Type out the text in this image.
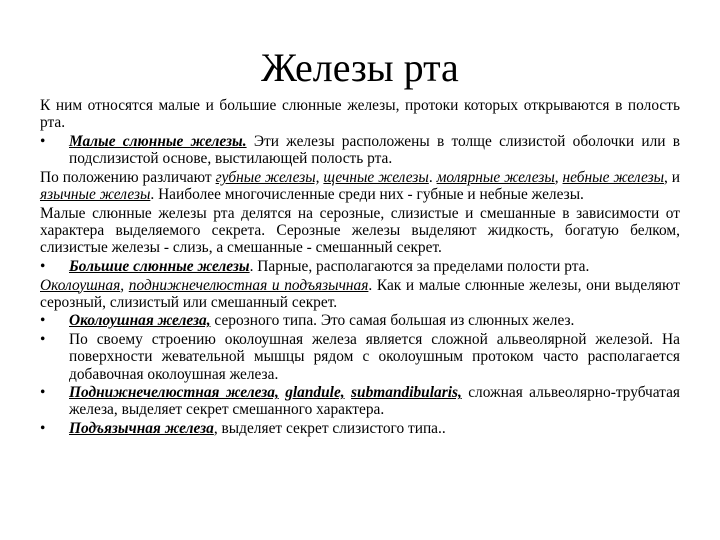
Железы рта

К ним относятся малые и большие слюнные железы, протоки которых открываются в полость рта.

• Малые слюнные железы. Эти железы расположены в толще слизистой оболочки или в подслизистой основе, выстилающей полость рта.

По положению различают губные железы, щечные железы. молярные железы, небные железы, и язычные железы. Наиболее многочисленные среди них - губные и небные железы.

Малые слюнные железы рта делятся на серозные, слизистые и смешанные в зависимости от характера выделяемого секрета. Серозные железы выделяют жидкость, богатую белком, слизистые железы - слизь, а смешанные - смешанный секрет.

• Большие слюнные железы. Парные, располагаются за пределами полости рта.

Околоушная, поднижнечелюстная и подъязычная. Как и малые слюнные железы, они выделяют серозный, слизистый или смешанный секрет.

• Околоушная железа, серозного типа. Это самая большая из слюнных желез.

• По своему строению околоушная железа является сложной альвеолярной железой. На поверхности жевательной мышцы рядом с околоушным протоком часто располагается добавочная околоушная железа.

• Поднижнечелюстная железа, glandule, submandibularis, сложная альвеолярно-трубчатая железа, выделяет секрет смешанного характера.

• Подъязычная железа, выделяет секрет слизистого типа..
